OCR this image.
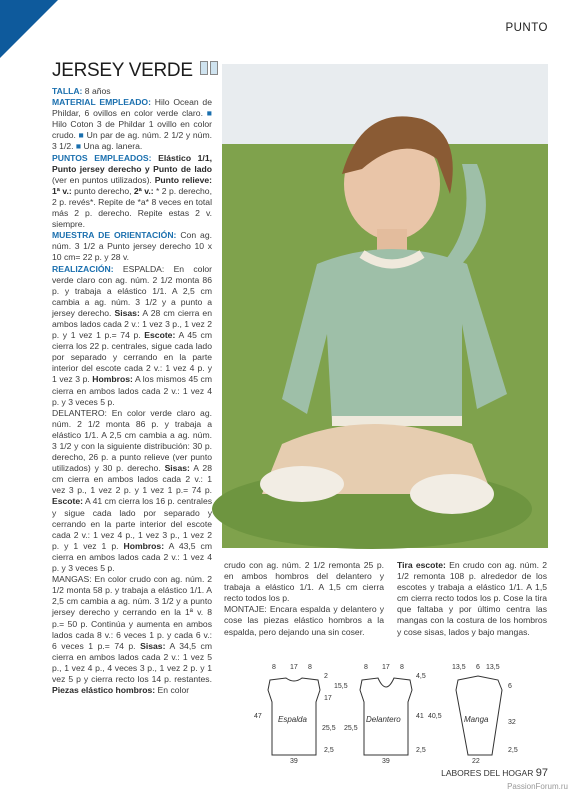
PUNTO
JERSEY VERDE

TALLA: 8 años

MATERIAL EMPLEADO: Hilo Ocean de Phildar, 6 ovillos en color verde claro. ■ Hilo Coton 3 de Phildar 1 ovillo en color crudo. ■ Un par de ag. núm. 2 1/2 y núm. 3 1/2. ■ Una ag. lanera.

PUNTOS EMPLEADOS: Elástico 1/1, Punto jersey derecho y Punto de lado (ver en puntos utilizados). Punto relieve: 1ª v.: punto derecho, 2ª v.: * 2 p. derecho, 2 p. revés*. Repite de *a* 8 veces en total más 2 p. derecho. Repite estas 2 v. siempre.

MUESTRA DE ORIENTACIÓN: Con ag. núm. 3 1/2 a Punto jersey derecho 10 x 10 cm= 22 p. y 28 v.

REALIZACIÓN: ESPALDA: En color verde claro con ag. núm. 2 1/2 monta 86 p. y trabaja a elástico 1/1. A 2,5 cm cambia a ag. núm. 3 1/2 y a punto a jersey derecho. Sisas: A 28 cm cierra en ambos lados cada 2 v.: 1 vez 3 p., 1 vez 2 p. y 1 vez 1 p.= 74 p. Escote: A 45 cm cierra los 22 p. centrales, sigue cada lado por separado y cerrando en la parte interior del escote cada 2 v.: 1 vez 4 p. y 1 vez 3 p. Hombros: A los mismos 45 cm cierra en ambos lados cada 2 v.: 1 vez 4 p. y 3 veces 5 p.

DELANTERO: En color verde claro ag. núm. 2 1/2 monta 86 p. y trabaja a elástico 1/1. A 2,5 cm cambia a ag. núm. 3 1/2 y con la siguiente distribución: 30 p. derecho, 26 p. a punto relieve (ver punto utilizados) y 30 p. derecho. Sisas: A 28 cm cierra en ambos lados cada 2 v.: 1 vez 3 p., 1 vez 2 p. y 1 vez 1 p.= 74 p. Escote: A 41 cm cierra los 16 p. centrales y sigue cada lado por separado y cerrando en la parte interior del escote cada 2 v.: 1 vez 4 p., 1 vez 3 p., 1 vez 2 p. y 1 vez 1 p. Hombros: A 43,5 cm cierra en ambos lados cada 2 v.: 1 vez 4 p. y 3 veces 5 p.

MANGAS: En color crudo con ag. núm. 2 1/2 monta 58 p. y trabaja a elástico 1/1. A 2,5 cm cambia a ag. núm. 3 1/2 y a punto jersey derecho y cerrando en la 1ª v. 8 p.= 50 p. Continúa y aumenta en ambos lados cada 8 v.: 6 veces 1 p. y cada 6 v.: 6 veces 1 p.= 74 p. Sisas: A 34,5 cm cierra en ambos lados cada 2 v.: 1 vez 5 p., 1 vez 4 p., 4 veces 3 p., 1 vez 2 p. y 1 vez 5 p y cierra recto los 14 p. restantes. Piezas elástico hombros: En color

crudo con ag. núm. 2 1/2 remonta 25 p. en ambos hombros del delantero y trabaja a elástico 1/1. A 1,5 cm cierra recto todos los p.

MONTAJE: Encara espalda y delantero y cose las piezas elástico hombros a la espalda, pero dejando una sin coser.

Tira escote: En crudo con ag. núm. 2 1/2 remonta 108 p. alrededor de los escotes y trabaja a elástico 1/1. A 1,5 cm cierra recto todos los p. Cose la tira que faltaba y por último centra las mangas con la costura de los hombros y cose sisas, lados y bajo mangas.

Espalda
8 17 8
39
47
2
17
15,5
25,5
2,5
Delantero
8 17 8
39
25,5
4,5
40,5
41
2,5
Manga
13,5 6 13,5
22
6
32
2,5
LABORES DEL HOGAR 97
PassionForum.ru
